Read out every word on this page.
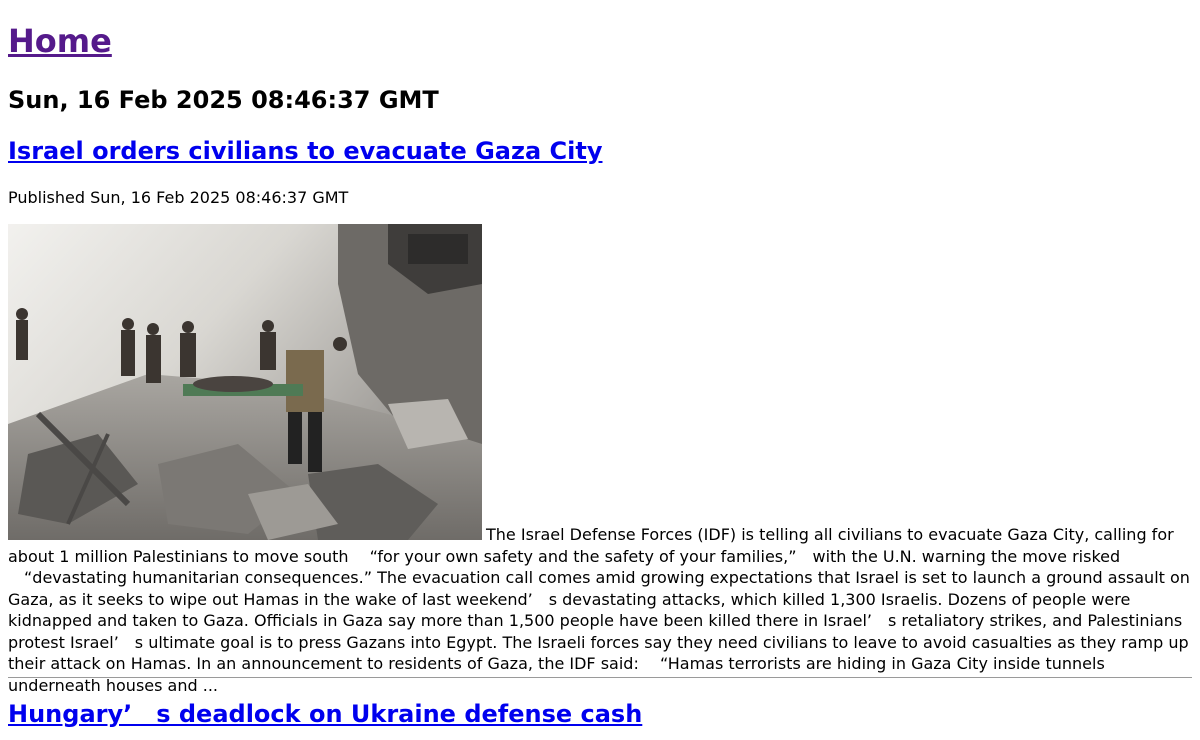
Home
Sun, 16 Feb 2025 08:46:37 GMT
Israel orders civilians to evacuate Gaza City
Published Sun, 16 Feb 2025 08:46:37 GMT

The Israel Defense Forces (IDF) is telling all civilians to evacuate Gaza City, calling for about 1 million Palestinians to move south 　“for your own safety and the safety of your families,”　with the U.N. warning the move risked 　“devastating humanitarian consequences.” The evacuation call comes amid growing expectations that Israel is set to launch a ground assault on Gaza, as it seeks to wipe out Hamas in the wake of last weekend’　s devastating attacks, which killed 1,300 Israelis. Dozens of people were kidnapped and taken to Gaza. Officials in Gaza say more than 1,500 people have been killed there in Israel’　s retaliatory strikes, and Palestinians protest Israel’　s ultimate goal is to press Gazans into Egypt. The Israeli forces say they need civilians to leave to avoid casualties as they ramp up their attack on Hamas. In an announcement to residents of Gaza, the IDF said: 　“Hamas terrorists are hiding in Gaza City inside tunnels underneath houses and ...

Hungary’　s deadlock on Ukraine defense cash
